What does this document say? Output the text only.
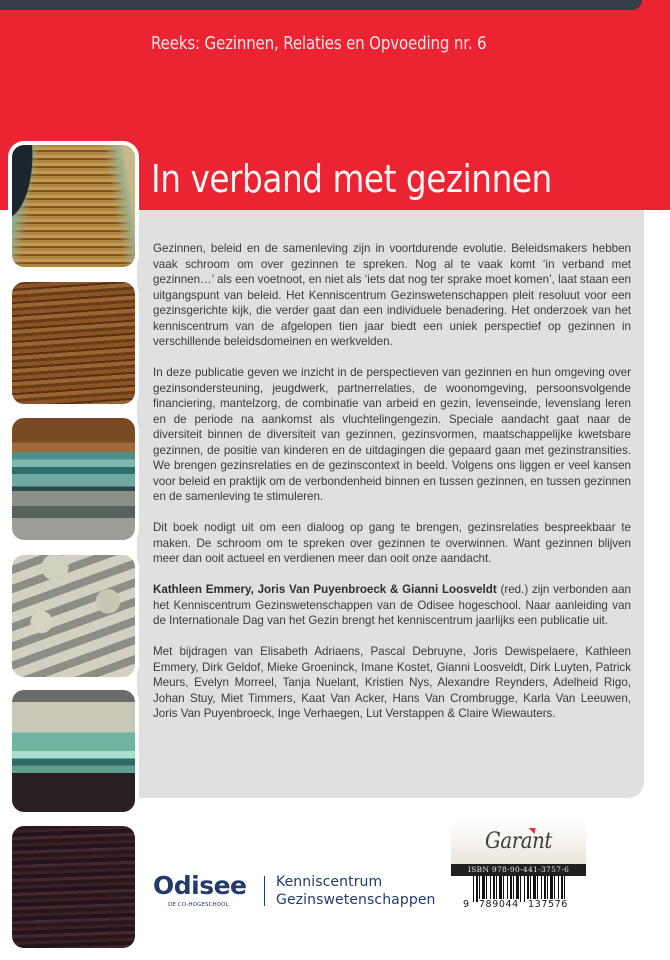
Reeks: Gezinnen, Relaties en Opvoeding nr. 6
In verband met gezinnen

Gezinnen, beleid en de samenleving zijn in voortdurende evolutie. Beleidsmakers hebben vaak schroom om over gezinnen te spreken. Nog al te vaak komt ‘in verband met gezinnen…’ als een voetnoot, en niet als ‘iets dat nog ter sprake moet komen’, laat staan een uitgangspunt van beleid. Het Kenniscentrum Gezinswetenschappen pleit resoluut voor een gezinsgerichte kijk, die verder gaat dan een individuele benadering. Het onderzoek van het kenniscentrum van de afgelopen tien jaar biedt een uniek perspectief op gezinnen in verschillende beleidsdomeinen en werkvelden.

In deze publicatie geven we inzicht in de perspectieven van gezinnen en hun omgeving over gezinsondersteuning, jeugdwerk, partnerrelaties, de woonomgeving, persoonsvolgende financiering, mantelzorg, de combinatie van arbeid en gezin, levenseinde, levenslang leren en de periode na aankomst als vluchtelingengezin. Speciale aandacht gaat naar de diversiteit binnen de diversiteit van gezinnen, gezinsvormen, maatschappelijke kwetsbare gezinnen, de positie van kinderen en de uitdagingen die gepaard gaan met gezinstransities. We brengen gezinsrelaties en de gezinscontext in beeld. Volgens ons liggen er veel kansen voor beleid en praktijk om de verbondenheid binnen en tussen gezinnen, en tussen gezinnen en de samenleving te stimuleren.

Dit boek nodigt uit om een dialoog op gang te brengen, gezinsrelaties bespreekbaar te maken. De schroom om te spreken over gezinnen te overwinnen. Want gezinnen blijven meer dan ooit actueel en verdienen meer dan ooit onze aandacht.

Kathleen Emmery, Joris Van Puyenbroeck & Gianni Loosveldt (red.) zijn verbonden aan het Kenniscentrum Gezinswetenschappen van de Odisee hogeschool. Naar aanleiding van de Internationale Dag van het Gezin brengt het kenniscentrum jaarlijks een publicatie uit.

Met bijdragen van Elisabeth Adriaens, Pascal Debruyne, Joris Dewispelaere, Kathleen Emmery, Dirk Geldof, Mieke Groeninck, Imane Kostet, Gianni Loosveldt, Dirk Luyten, Patrick Meurs, Evelyn Morreel, Tanja Nuelant, Kristien Nys, Alexandre Reynders, Adelheid Rigo, Johan Stuy, Miet Timmers, Kaat Van Acker, Hans Van Crombrugge, Karla Van Leeuwen, Joris Van Puyenbroeck, Inge Verhaegen, Lut Verstappen & Claire Wiewauters.

Odisee
DE CO-HOGESCHOOL
Kenniscentrum
Gezinswetenschappen
Garant
ISBN 978-90-441-3757-6
9 789044 137576
